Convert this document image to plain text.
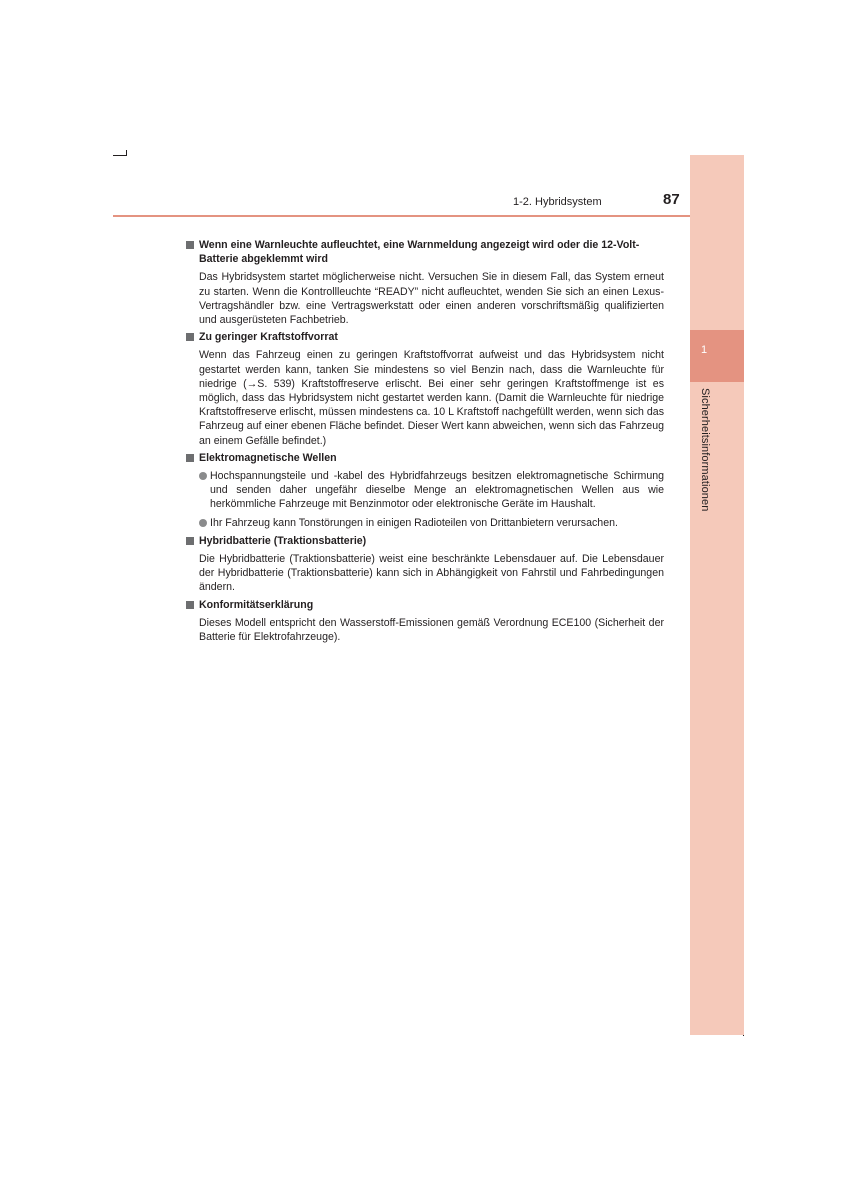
1
Sicherheitsinformationen
1-2. Hybridsystem	87
Wenn eine Warnleuchte aufleuchtet, eine Warnmeldung angezeigt wird oder die 12-Volt-Batterie abgeklemmt wird
Das Hybridsystem startet möglicherweise nicht. Versuchen Sie in diesem Fall, das System erneut zu starten. Wenn die Kontrollleuchte “READY” nicht aufleuchtet, wenden Sie sich an einen Lexus-Vertragshändler bzw. eine Vertragswerkstatt oder einen anderen vorschriftsmäßig qualifizierten und ausgerüsteten Fachbetrieb.
Zu geringer Kraftstoffvorrat
Wenn das Fahrzeug einen zu geringen Kraftstoffvorrat aufweist und das Hybridsystem nicht gestartet werden kann, tanken Sie mindestens so viel Benzin nach, dass die Warnleuchte für niedrige (→S. 539) Kraftstoffreserve erlischt. Bei einer sehr geringen Kraftstoffmenge ist es möglich, dass das Hybridsystem nicht gestartet werden kann. (Damit die Warnleuchte für niedrige Kraftstoffreserve erlischt, müssen mindestens ca. 10 L Kraftstoff nachgefüllt werden, wenn sich das Fahrzeug auf einer ebenen Fläche befindet. Dieser Wert kann abweichen, wenn sich das Fahrzeug an einem Gefälle befindet.)
Elektromagnetische Wellen
Hochspannungsteile und -kabel des Hybridfahrzeugs besitzen elektromagnetische Schirmung und senden daher ungefähr dieselbe Menge an elektromagnetischen Wellen aus wie herkömmliche Fahrzeuge mit Benzinmotor oder elektronische Geräte im Haushalt.
Ihr Fahrzeug kann Tonstörungen in einigen Radioteilen von Drittanbietern verursachen.
Hybridbatterie (Traktionsbatterie)
Die Hybridbatterie (Traktionsbatterie) weist eine beschränkte Lebensdauer auf. Die Lebensdauer der Hybridbatterie (Traktionsbatterie) kann sich in Abhängigkeit von Fahrstil und Fahrbedingungen ändern.
Konformitätserklärung
Dieses Modell entspricht den Wasserstoff-Emissionen gemäß Verordnung ECE100 (Sicherheit der Batterie für Elektrofahrzeuge).
